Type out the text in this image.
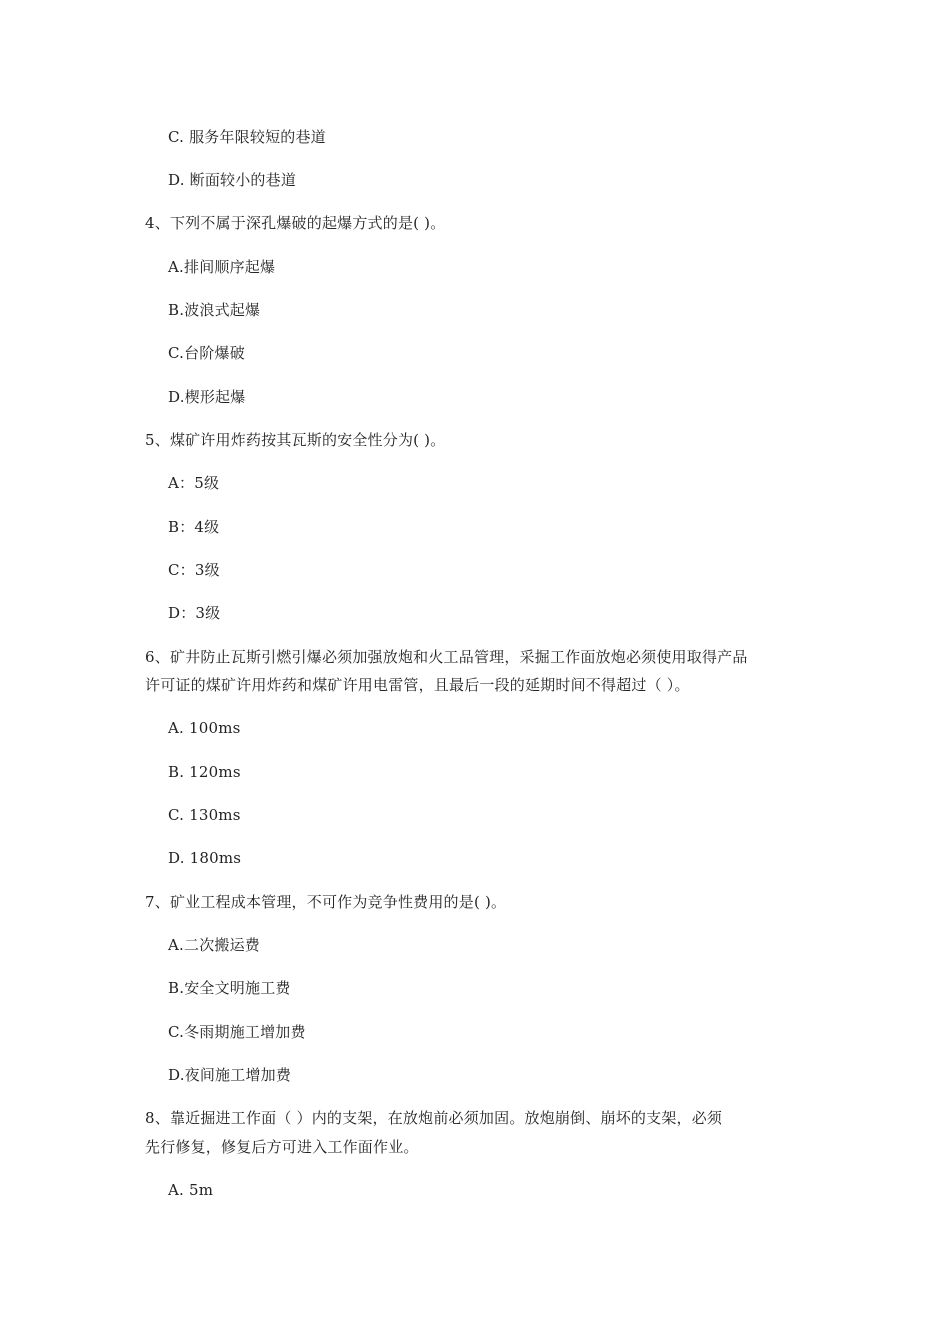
C. 服务年限较短的巷道
D. 断面较小的巷道
4、下列不属于深孔爆破的起爆方式的是( )。
A.排间顺序起爆
B.波浪式起爆
C.台阶爆破
D.楔形起爆
5、煤矿许用炸药按其瓦斯的安全性分为( )。
A：5级
B：4级
C：3级
D：3级
6、矿井防止瓦斯引燃引爆必须加强放炮和火工品管理，采掘工作面放炮必须使用取得产品
许可证的煤矿许用炸药和煤矿许用电雷管，且最后一段的延期时间不得超过（ ）。
A. 100ms
B. 120ms
C. 130ms
D. 180ms
7、矿业工程成本管理，不可作为竞争性费用的是( )。
A.二次搬运费
B.安全文明施工费
C.冬雨期施工增加费
D.夜间施工增加费
8、靠近掘进工作面（ ）内的支架，在放炮前必须加固。放炮崩倒、崩坏的支架，必须
先行修复，修复后方可进入工作面作业。
A. 5m
